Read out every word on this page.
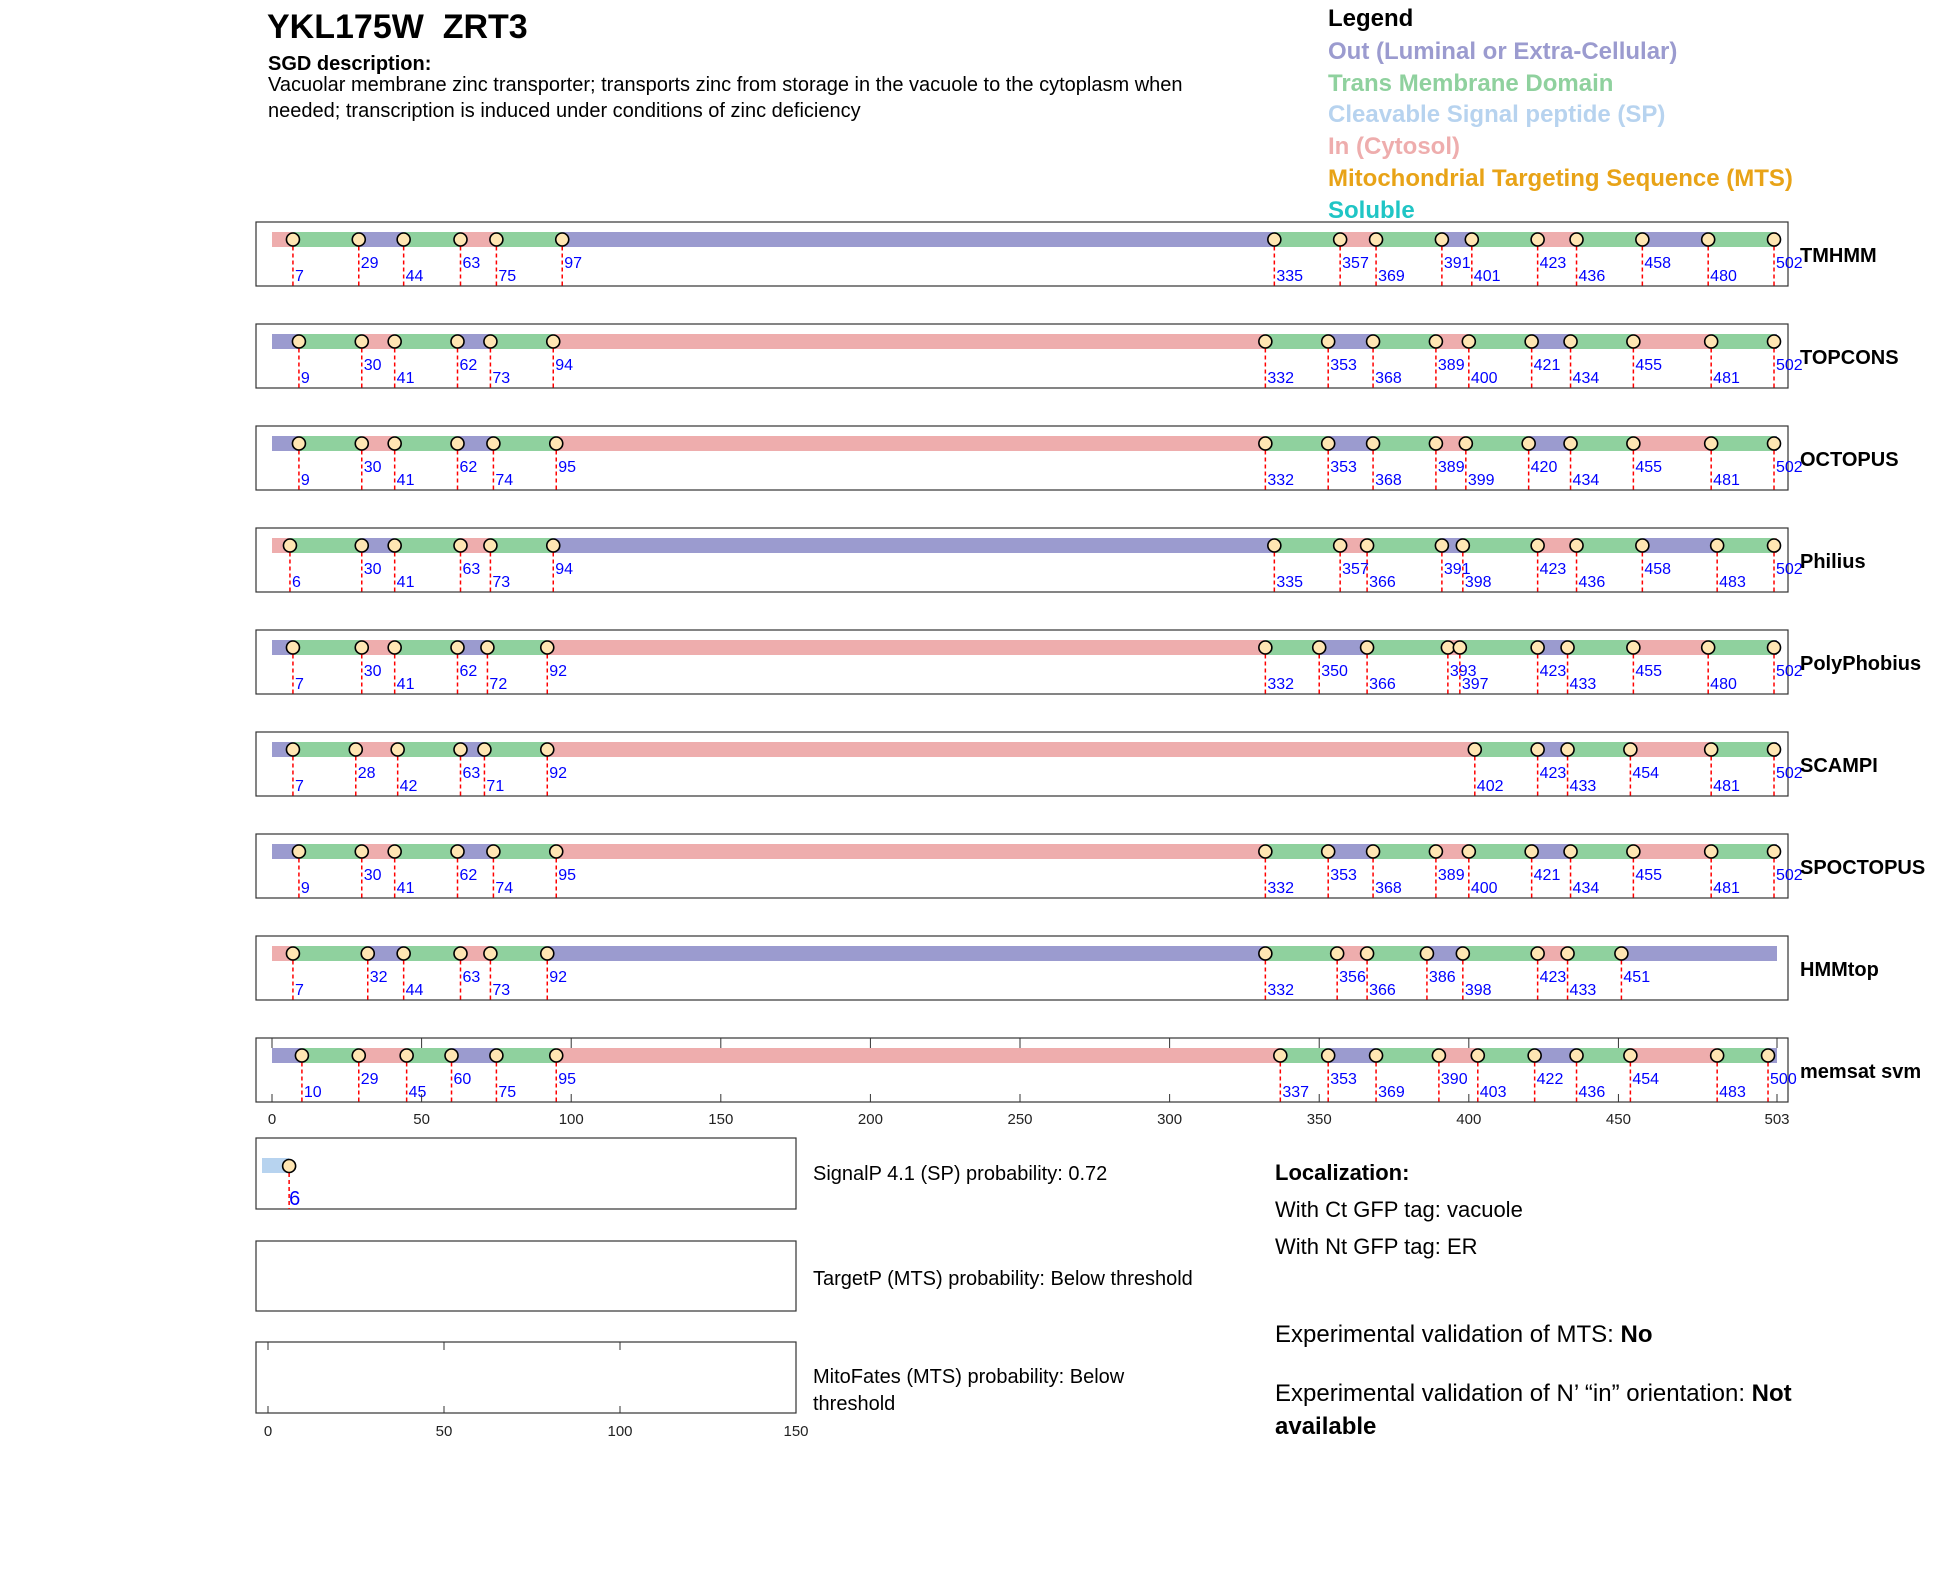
YKL175W  ZRT3
SGD description:
Vacuolar membrane zinc transporter; transports zinc from storage in the vacuole to the cytoplasm when
needed; transcription is induced under conditions of zinc deficiency
Legend
Out (Luminal or Extra-Cellular)
Trans Membrane Domain
Cleavable Signal peptide (SP)
In (Cytosol)
Mitochondrial Targeting Sequence (MTS)
Soluble
7
29
44
63
75
97
335
357
369
391
401
423
436
458
480
502
TMHMM
9
30
41
62
73
94
332
353
368
389
400
421
434
455
481
502
TOPCONS
9
30
41
62
74
95
332
353
368
389
399
420
434
455
481
502
OCTOPUS
6
30
41
63
73
94
335
357
366
391
398
423
436
458
483
502
Philius
7
30
41
62
72
92
332
350
366
393
397
423
433
455
480
502
PolyPhobius
7
28
42
63
71
92
402
423
433
454
481
502
SCAMPI
9
30
41
62
74
95
332
353
368
389
400
421
434
455
481
502
SPOCTOPUS
7
32
44
63
73
92
332
356
366
386
398
423
433
451	HMMtop
10
29
45
60
75
95
337
353
369
390
403
422
436
454
483
500 memsat svm
0	50	100	150	200	250	300	350	400	450	503
6
0	50	100	150
SignalP 4.1 (SP) probability: 0.72
TargetP (MTS) probability: Below threshold
MitoFates (MTS) probability: Below
threshold
Localization:
With Ct GFP tag: vacuole
With Nt GFP tag: ER
Experimental validation of MTS: No
Experimental validation of N’ “in” orientation: Not
available
